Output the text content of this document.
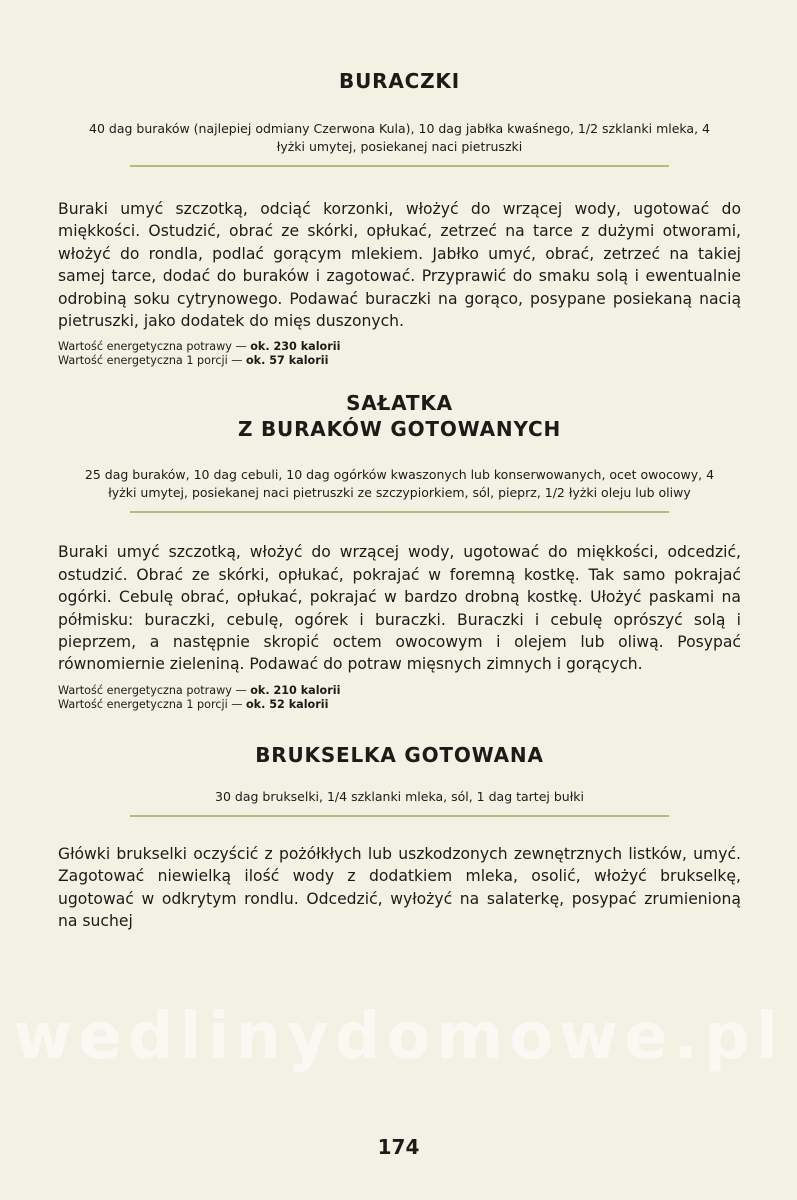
wedlinydomowe.pl
BURACZKI

40 dag buraków (najlepiej odmiany Czerwona Kula), 10 dag jabłka kwaśnego, 1/2 szklanki mleka, 4 łyżki umytej, posiekanej naci pietruszki

Buraki umyć szczotką, odciąć korzonki, włożyć do wrzącej wody, ugotować do miękkości. Ostudzić, obrać ze skórki, opłukać, zetrzeć na tarce z dużymi otworami, włożyć do rondla, podlać gorącym mlekiem. Jabłko umyć, obrać, zetrzeć na takiej samej tarce, dodać do buraków i zagotować. Przyprawić do smaku solą i ewentualnie odrobiną soku cytrynowego. Podawać buraczki na gorąco, posypane posiekaną nacią pietruszki, jako dodatek do mięs duszonych.

Wartość energetyczna potrawy — ok. 230 kalorii

Wartość energetyczna 1 porcji — ok. 57 kalorii

SAŁATKA
Z BURAKÓW GOTOWANYCH

25 dag buraków, 10 dag cebuli, 10 dag ogórków kwaszonych lub konserwowanych, ocet owocowy, 4 łyżki umytej, posiekanej naci pietruszki ze szczypiorkiem, sól, pieprz, 1/2 łyżki oleju lub oliwy

Buraki umyć szczotką, włożyć do wrzącej wody, ugotować do miękkości, odcedzić, ostudzić. Obrać ze skórki, opłukać, pokrajać w foremną kostkę. Tak samo pokrajać ogórki. Cebulę obrać, opłukać, pokrajać w bardzo drobną kostkę. Ułożyć paskami na półmisku: buraczki, cebulę, ogórek i buraczki. Buraczki i cebulę oprószyć solą i pieprzem, a następnie skropić octem owocowym i olejem lub oliwą. Posypać równomiernie zieleniną. Podawać do potraw mięsnych zimnych i gorących.

Wartość energetyczna potrawy — ok. 210 kalorii

Wartość energetyczna 1 porcji — ok. 52 kalorii

BRUKSELKA GOTOWANA

30 dag brukselki, 1/4 szklanki mleka, sól, 1 dag tartej bułki

Główki brukselki oczyścić z pożółkłych lub uszkodzonych zewnętrznych listków, umyć. Zagotować niewielką ilość wody z dodatkiem mleka, osolić, włożyć brukselkę, ugotować w odkrytym rondlu. Odcedzić, wyłożyć na salaterkę, posypać zrumienioną na suchej

174
